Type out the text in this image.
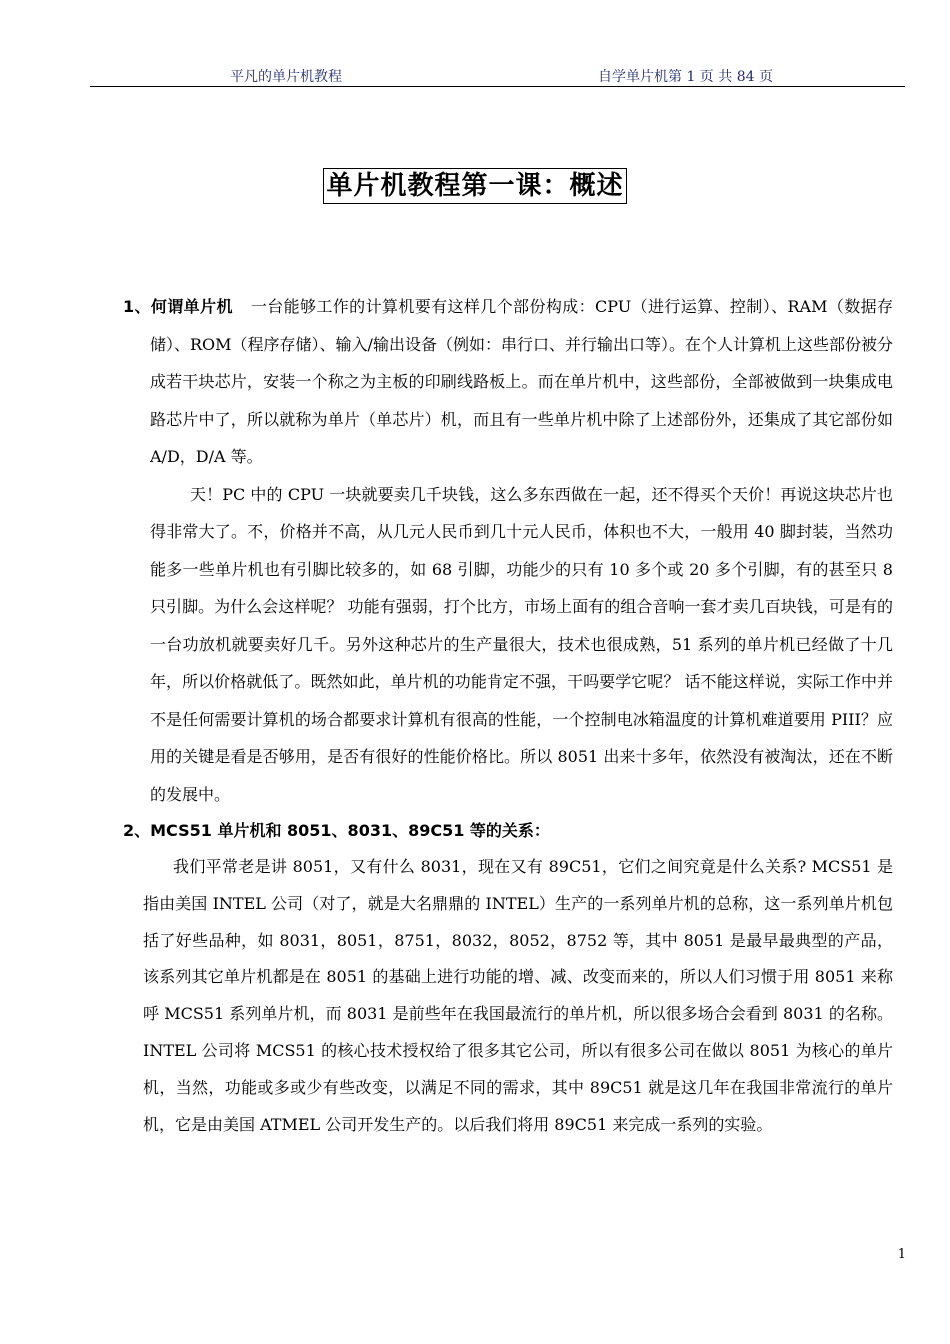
平凡的单片机教程	自学单片机第 1 页 共 84 页
单片机教程第一课：概述

1、何谓单片机 一台能够工作的计算机要有这样几个部份构成：CPU（进行运算、控制）、RAM（数据存储）、ROM（程序存储）、输入/输出设备（例如：串行口、并行输出口等）。在个人计算机上这些部份被分成若干块芯片，安装一个称之为主板的印刷线路板上。而在单片机中，这些部份，全部被做到一块集成电路芯片中了，所以就称为单片（单芯片）机，而且有一些单片机中除了上述部份外，还集成了其它部份如 A/D，D/A 等。

天！PC 中的 CPU 一块就要卖几千块钱，这么多东西做在一起，还不得买个天价！再说这块芯片也得非常大了。不，价格并不高，从几元人民币到几十元人民币，体积也不大，一般用 40 脚封装，当然功能多一些单片机也有引脚比较多的，如 68 引脚，功能少的只有 10 多个或 20 多个引脚，有的甚至只 8 只引脚。为什么会这样呢？ 功能有强弱，打个比方，市场上面有的组合音响一套才卖几百块钱，可是有的一台功放机就要卖好几千。另外这种芯片的生产量很大，技术也很成熟，51 系列的单片机已经做了十几年，所以价格就低了。既然如此，单片机的功能肯定不强，干吗要学它呢？ 话不能这样说，实际工作中并不是任何需要计算机的场合都要求计算机有很高的性能，一个控制电冰箱温度的计算机难道要用 PIII？应用的关键是看是否够用，是否有很好的性能价格比。所以 8051 出来十多年，依然没有被淘汰，还在不断的发展中。

2、MCS51 单片机和 8051、8031、89C51 等的关系：

我们平常老是讲 8051，又有什么 8031，现在又有 89C51，它们之间究竟是什么关系? MCS51 是指由美国 INTEL 公司（对了，就是大名鼎鼎的 INTEL）生产的一系列单片机的总称，这一系列单片机包括了好些品种，如 8031，8051，8751，8032，8052，8752 等，其中 8051 是最早最典型的产品，该系列其它单片机都是在 8051 的基础上进行功能的增、减、改变而来的，所以人们习惯于用 8051 来称呼 MCS51 系列单片机，而 8031 是前些年在我国最流行的单片机，所以很多场合会看到 8031 的名称。INTEL 公司将 MCS51 的核心技术授权给了很多其它公司，所以有很多公司在做以 8051 为核心的单片机，当然，功能或多或少有些改变，以满足不同的需求，其中 89C51 就是这几年在我国非常流行的单片机，它是由美国 ATMEL 公司开发生产的。以后我们将用 89C51 来完成一系列的实验。

1
